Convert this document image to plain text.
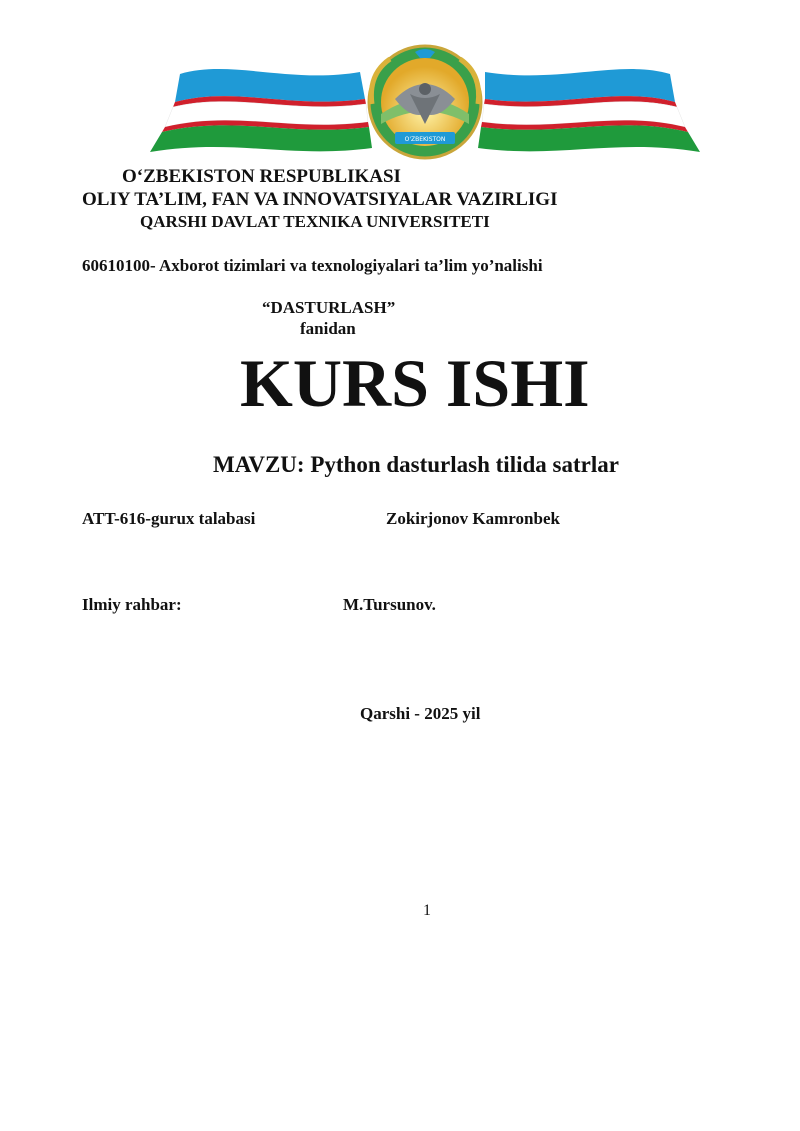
O'ZBEKISTON
O‘ZBEKISTON RESPUBLIKASI
OLIY TA’LIM, FAN VA INNOVATSIYALAR VAZIRLIGI
QARSHI DAVLAT TEXNIKA UNIVERSITETI
60610100- Axborot tizimlari va texnologiyalari ta’lim yo’nalishi
“DASTURLASH”
fanidan
KURS ISHI
MAVZU: Python dasturlash tilida satrlar
ATT-616-gurux talabasi	Zokirjonov Kamronbek
Ilmiy rahbar:	M.Tursunov.
Qarshi - 2025 yil
1
